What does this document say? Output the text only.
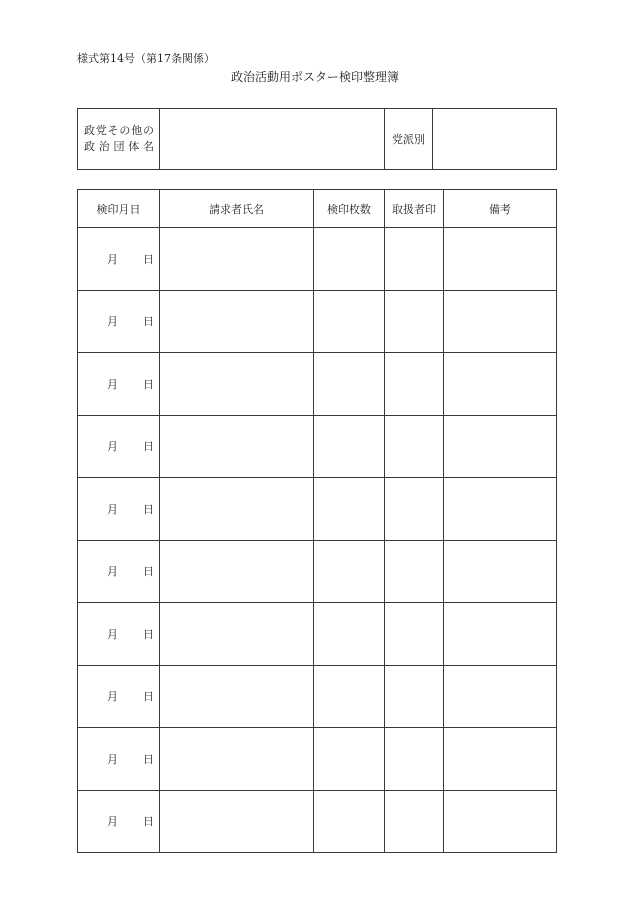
様式第14号（第17条関係）
政治活動用ポスター検印整理簿
政党その他の
政治団体名
		党派別	
検印月日	請求者氏名	検印枚数	取扱者印	備考
月 日				
月 日				
月 日				
月 日				
月 日				
月 日				
月 日				
月 日				
月 日				
月 日				
